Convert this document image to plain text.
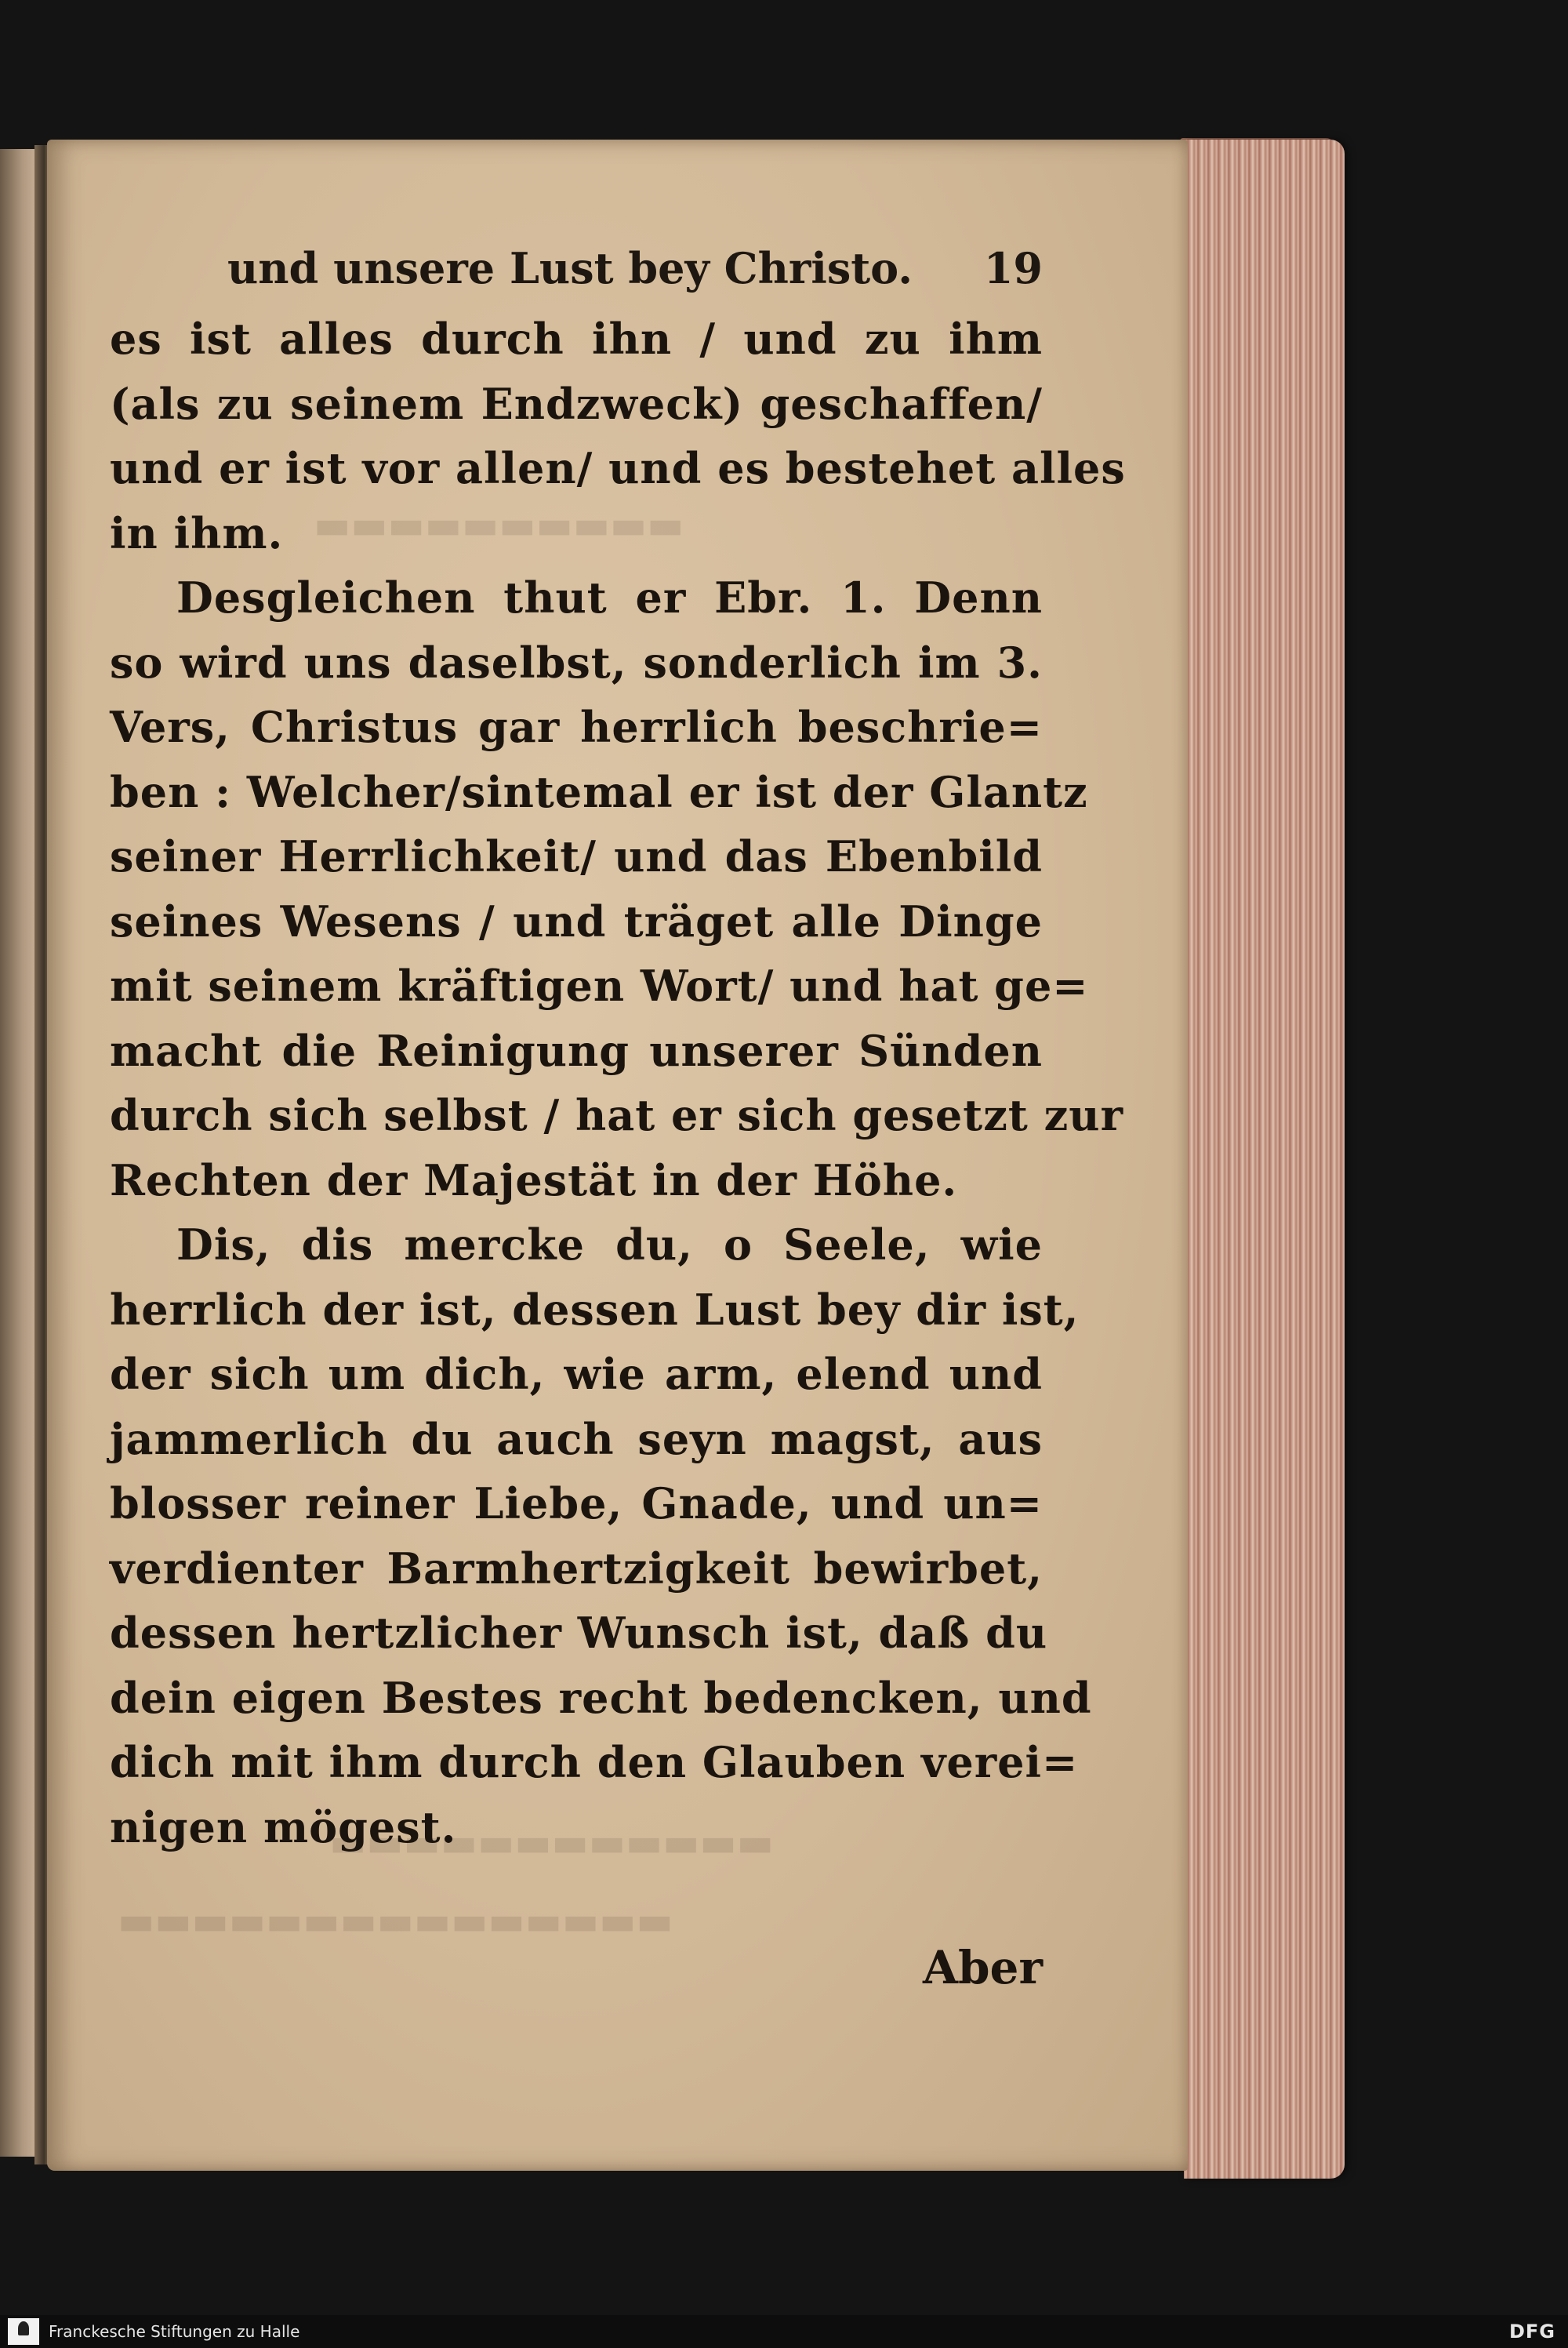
▬▬▬▬▬▬▬▬▬▬
▬▬▬▬▬▬▬▬▬▬▬▬
▬▬▬▬▬▬▬▬▬▬▬▬▬▬▬
und unsere Lust bey Christo. 19
es ist alles durch ihn / und zu ihm
(als zu seinem Endzweck) geschaffen/
und er ist vor allen/ und es bestehet alles
in ihm.
Desgleichen thut er Ebr. 1. Denn
so wird uns daselbst, sonderlich im 3.
Vers, Christus gar herrlich beschrie=
ben : Welcher/sintemal er ist der Glantz
seiner Herrlichkeit/ und das Ebenbild
seines Wesens / und träget alle Dinge
mit seinem kräftigen Wort/ und hat ge=
macht die Reinigung unserer Sünden
durch sich selbst / hat er sich gesetzt zur
Rechten der Majestät in der Höhe.
Dis, dis mercke du, o Seele, wie
herrlich der ist, dessen Lust bey dir ist,
der sich um dich, wie arm, elend und
jammerlich du auch seyn magst, aus
blosser reiner Liebe, Gnade, und un=
verdienter Barmhertzigkeit bewirbet,
dessen hertzlicher Wunsch ist, daß du
dein eigen Bestes recht bedencken, und
dich mit ihm durch den Glauben verei=
nigen mögest.
Aber
Franckesche Stiftungen zu Halle	DFG
